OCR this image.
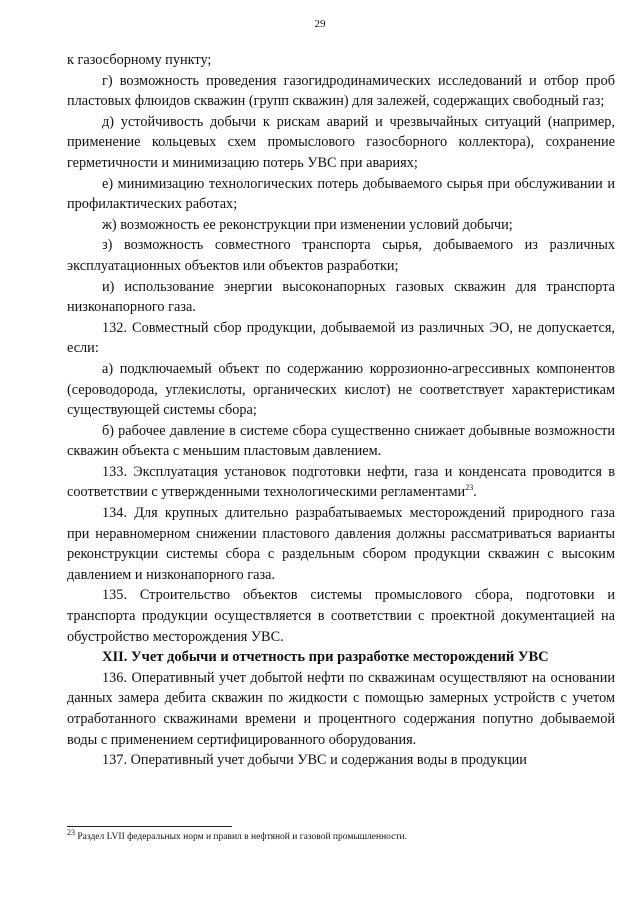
29

к газосборному пункту;

г) возможность проведения газогидродинамических исследований и отбор проб пластовых флюидов скважин (групп скважин) для залежей, содержащих свободный газ;

д) устойчивость добычи к рискам аварий и чрезвычайных ситуаций (например, применение кольцевых схем промыслового газосборного коллектора), сохранение герметичности и минимизацию потерь УВС при авариях;

е) минимизацию технологических потерь добываемого сырья при обслуживании и профилактических работах;

ж) возможность ее реконструкции при изменении условий добычи;

з) возможность совместного транспорта сырья, добываемого из различных эксплуатационных объектов или объектов разработки;

и) использование энергии высоконапорных газовых скважин для транспорта низконапорного газа.

132. Совместный сбор продукции, добываемой из различных ЭО, не допускается, если:

а) подключаемый объект по содержанию коррозионно-агрессивных компонентов (сероводорода, углекислоты, органических кислот) не соответствует характеристикам существующей системы сбора;

б) рабочее давление в системе сбора существенно снижает добывные возможности скважин объекта с меньшим пластовым давлением.

133. Эксплуатация установок подготовки нефти, газа и конденсата проводится в соответствии с утвержденными технологическими регламентами$^{23}$.

134. Для крупных длительно разрабатываемых месторождений природного газа при неравномерном снижении пластового давления должны рассматриваться варианты реконструкции системы сбора с раздельным сбором продукции скважин с высоким давлением и низконапорного газа.

135. Строительство объектов системы промыслового сбора, подготовки и транспорта продукции осуществляется в соответствии с проектной документацией на обустройство месторождения УВС.

XII. Учет добычи и отчетность при разработке месторождений УВС

136. Оперативный учет добытой нефти по скважинам осуществляют на основании данных замера дебита скважин по жидкости с помощью замерных устройств с учетом отработанного скважинами времени и процентного содержания попутно добываемой воды с применением сертифицированного оборудования.

137. Оперативный учет добычи УВС и содержания воды в продукции

$^{23}$ Раздел LVII федеральных норм и правил в нефтяной и газовой промышленности.
